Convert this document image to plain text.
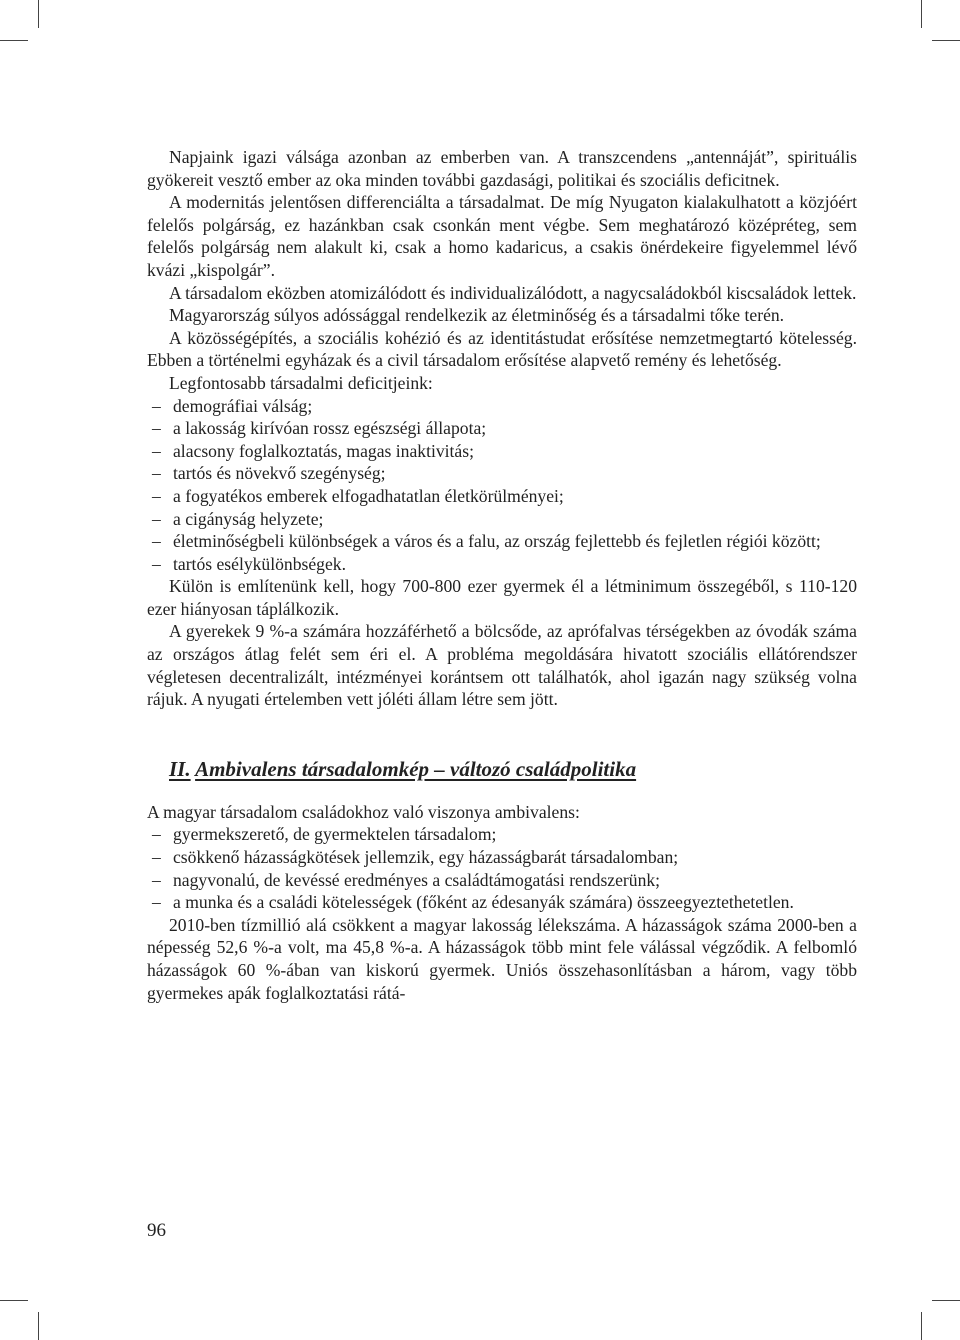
Napjaink igazi válsága azonban az emberben van. A transzcendens „antennáját”, spirituális gyökereit vesztő ember az oka minden további gazdasági, politikai és szociális deficitnek.

A modernitás jelentősen differenciálta a társadalmat. De míg Nyugaton kialakulhatott a közjóért felelős polgárság, ez hazánkban csak csonkán ment végbe. Sem meghatározó középréteg, sem felelős polgárság nem alakult ki, csak a homo kadaricus, a csakis önérdekeire figyelemmel lévő kvázi „kispolgár”.

A társadalom eközben atomizálódott és individualizálódott, a nagycsaládokból kiscsaládok lettek.

Magyarország súlyos adóssággal rendelkezik az életminőség és a társadalmi tőke terén.

A közösségépítés, a szociális kohézió és az identitástudat erősítése nemzetmegtartó kötelesség. Ebben a történelmi egyházak és a civil társadalom erősítése alapvető remény és lehetőség.

Legfontosabb társadalmi deficitjeink:

– demográfiai válság;
– a lakosság kirívóan rossz egészségi állapota;
– alacsony foglalkoztatás, magas inaktivitás;
– tartós és növekvő szegénység;
– a fogyatékos emberek elfogadhatatlan életkörülményei;
– a cigányság helyzete;
– életminőségbeli különbségek a város és a falu, az ország fejlettebb és fejletlen régiói között;
– tartós esélykülönbségek.

Külön is említenünk kell, hogy 700-800 ezer gyermek él a létminimum összegéből, s 110-120 ezer hiányosan táplálkozik.

A gyerekek 9 %-a számára hozzáférhető a bölcsőde, az aprófalvas térségekben az óvodák száma az országos átlag felét sem éri el. A probléma megoldására hivatott szociális ellátórendszer végletesen decentralizált, intézményei korántsem ott találhatók, ahol igazán nagy szükség volna rájuk. A nyugati értelemben vett jóléti állam létre sem jött.

II. Ambivalens társadalomkép – változó családpolitika

A magyar társadalom családokhoz való viszonya ambivalens:

– gyermekszerető, de gyermektelen társadalom;
– csökkenő házasságkötések jellemzik, egy házasságbarát társadalomban;
– nagyvonalú, de kevéssé eredményes a családtámogatási rendszerünk;
– a munka és a családi kötelességek (főként az édesanyák számára) összeegyeztethetetlen.

2010-ben tízmillió alá csökkent a magyar lakosság lélekszáma. A házasságok száma 2000-ben a népesség 52,6 %-a volt, ma 45,8 %-a. A házasságok több mint fele válással végződik. A felbomló házasságok 60 %-ában van kiskorú gyermek. Uniós összehasonlításban a három, vagy több gyermekes apák foglalkoztatási rátá-

96
